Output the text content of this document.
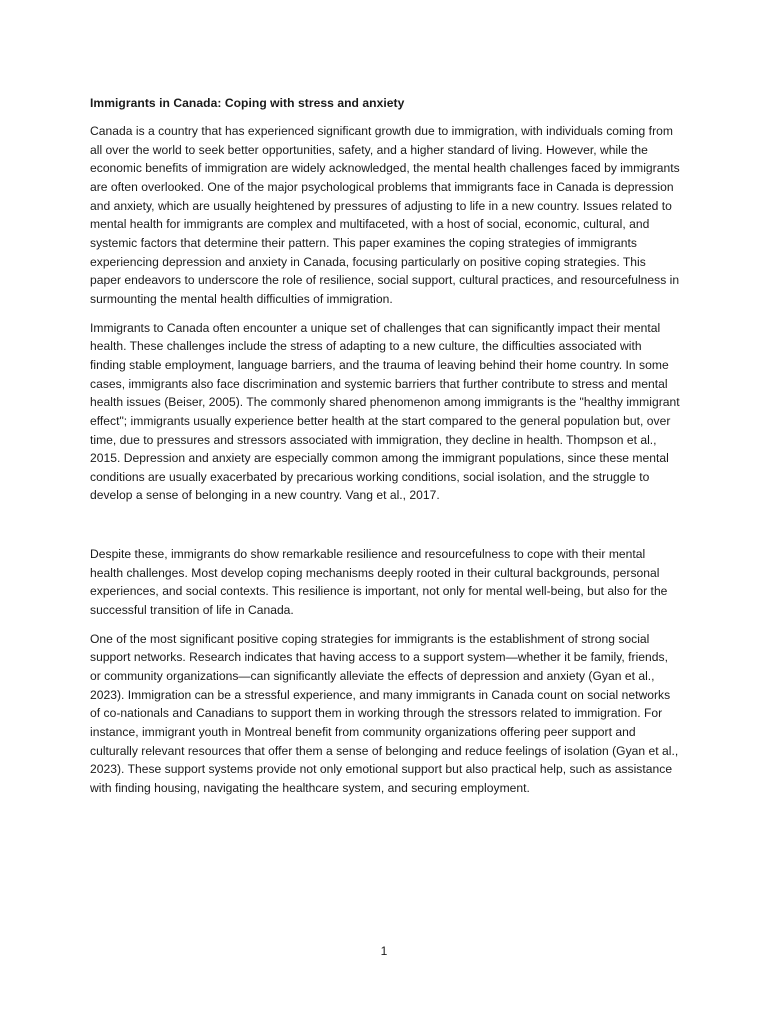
Immigrants in Canada: Coping with stress and anxiety

Canada is a country that has experienced significant growth due to immigration, with individuals coming from all over the world to seek better opportunities, safety, and a higher standard of living. However, while the economic benefits of immigration are widely acknowledged, the mental health challenges faced by immigrants are often overlooked. One of the major psychological problems that immigrants face in Canada is depression and anxiety, which are usually heightened by pressures of adjusting to life in a new country. Issues related to mental health for immigrants are complex and multifaceted, with a host of social, economic, cultural, and systemic factors that determine their pattern. This paper examines the coping strategies of immigrants experiencing depression and anxiety in Canada, focusing particularly on positive coping strategies. This paper endeavors to underscore the role of resilience, social support, cultural practices, and resourcefulness in surmounting the mental health difficulties of immigration.

Immigrants to Canada often encounter a unique set of challenges that can significantly impact their mental health. These challenges include the stress of adapting to a new culture, the difficulties associated with finding stable employment, language barriers, and the trauma of leaving behind their home country. In some cases, immigrants also face discrimination and systemic barriers that further contribute to stress and mental health issues (Beiser, 2005). The commonly shared phenomenon among immigrants is the "healthy immigrant effect"; immigrants usually experience better health at the start compared to the general population but, over time, due to pressures and stressors associated with immigration, they decline in health. Thompson et al., 2015. Depression and anxiety are especially common among the immigrant populations, since these mental conditions are usually exacerbated by precarious working conditions, social isolation, and the struggle to develop a sense of belonging in a new country. Vang et al., 2017.

Despite these, immigrants do show remarkable resilience and resourcefulness to cope with their mental health challenges. Most develop coping mechanisms deeply rooted in their cultural backgrounds, personal experiences, and social contexts. This resilience is important, not only for mental well-being, but also for the successful transition of life in Canada.

One of the most significant positive coping strategies for immigrants is the establishment of strong social support networks. Research indicates that having access to a support system—whether it be family, friends, or community organizations—can significantly alleviate the effects of depression and anxiety (Gyan et al., 2023). Immigration can be a stressful experience, and many immigrants in Canada count on social networks of co-nationals and Canadians to support them in working through the stressors related to immigration. For instance, immigrant youth in Montreal benefit from community organizations offering peer support and culturally relevant resources that offer them a sense of belonging and reduce feelings of isolation (Gyan et al., 2023). These support systems provide not only emotional support but also practical help, such as assistance with finding housing, navigating the healthcare system, and securing employment.

1
